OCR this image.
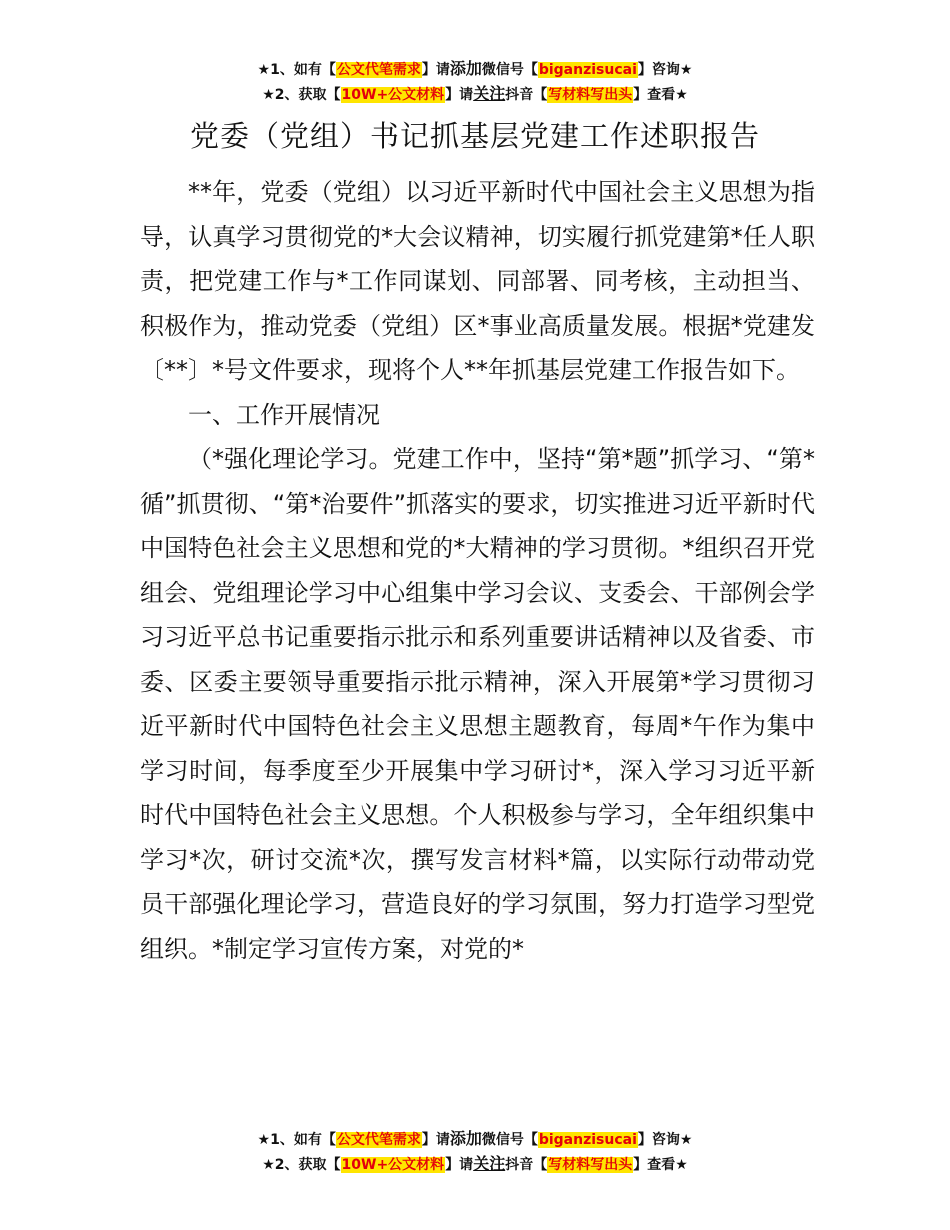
★1、如有【公文代笔需求】请添加微信号【biganzisucai】咨询★
★2、获取【10W+公文材料】请关注抖音【写材料写出头】查看★
党委（党组）书记抓基层党建工作述职报告

**年，党委（党组）以习近平新时代中国社会主义思想为指导，认真学习贯彻党的*大会议精神，切实履行抓党建第*任人职责，把党建工作与*工作同谋划、同部署、同考核，主动担当、积极作为，推动党委（党组）区*事业高质量发展。根据*党建发〔**〕*号文件要求，现将个人**年抓基层党建工作报告如下。

一、工作开展情况

（*强化理论学习。党建工作中，坚持“第*题”抓学习、“第*循”抓贯彻、“第*治要件”抓落实的要求，切实推进习近平新时代中国特色社会主义思想和党的*大精神的学习贯彻。*组织召开党组会、党组理论学习中心组集中学习会议、支委会、干部例会学习习近平总书记重要指示批示和系列重要讲话精神以及省委、市委、区委主要领导重要指示批示精神，深入开展第*学习贯彻习近平新时代中国特色社会主义思想主题教育，每周*午作为集中学习时间，每季度至少开展集中学习研讨*，深入学习习近平新时代中国特色社会主义思想。个人积极参与学习，全年组织集中学习*次，研讨交流*次，撰写发言材料*篇，以实际行动带动党员干部强化理论学习，营造良好的学习氛围，努力打造学习型党组织。*制定学习宣传方案，对党的*

★1、如有【公文代笔需求】请添加微信号【biganzisucai】咨询★
★2、获取【10W+公文材料】请关注抖音【写材料写出头】查看★
